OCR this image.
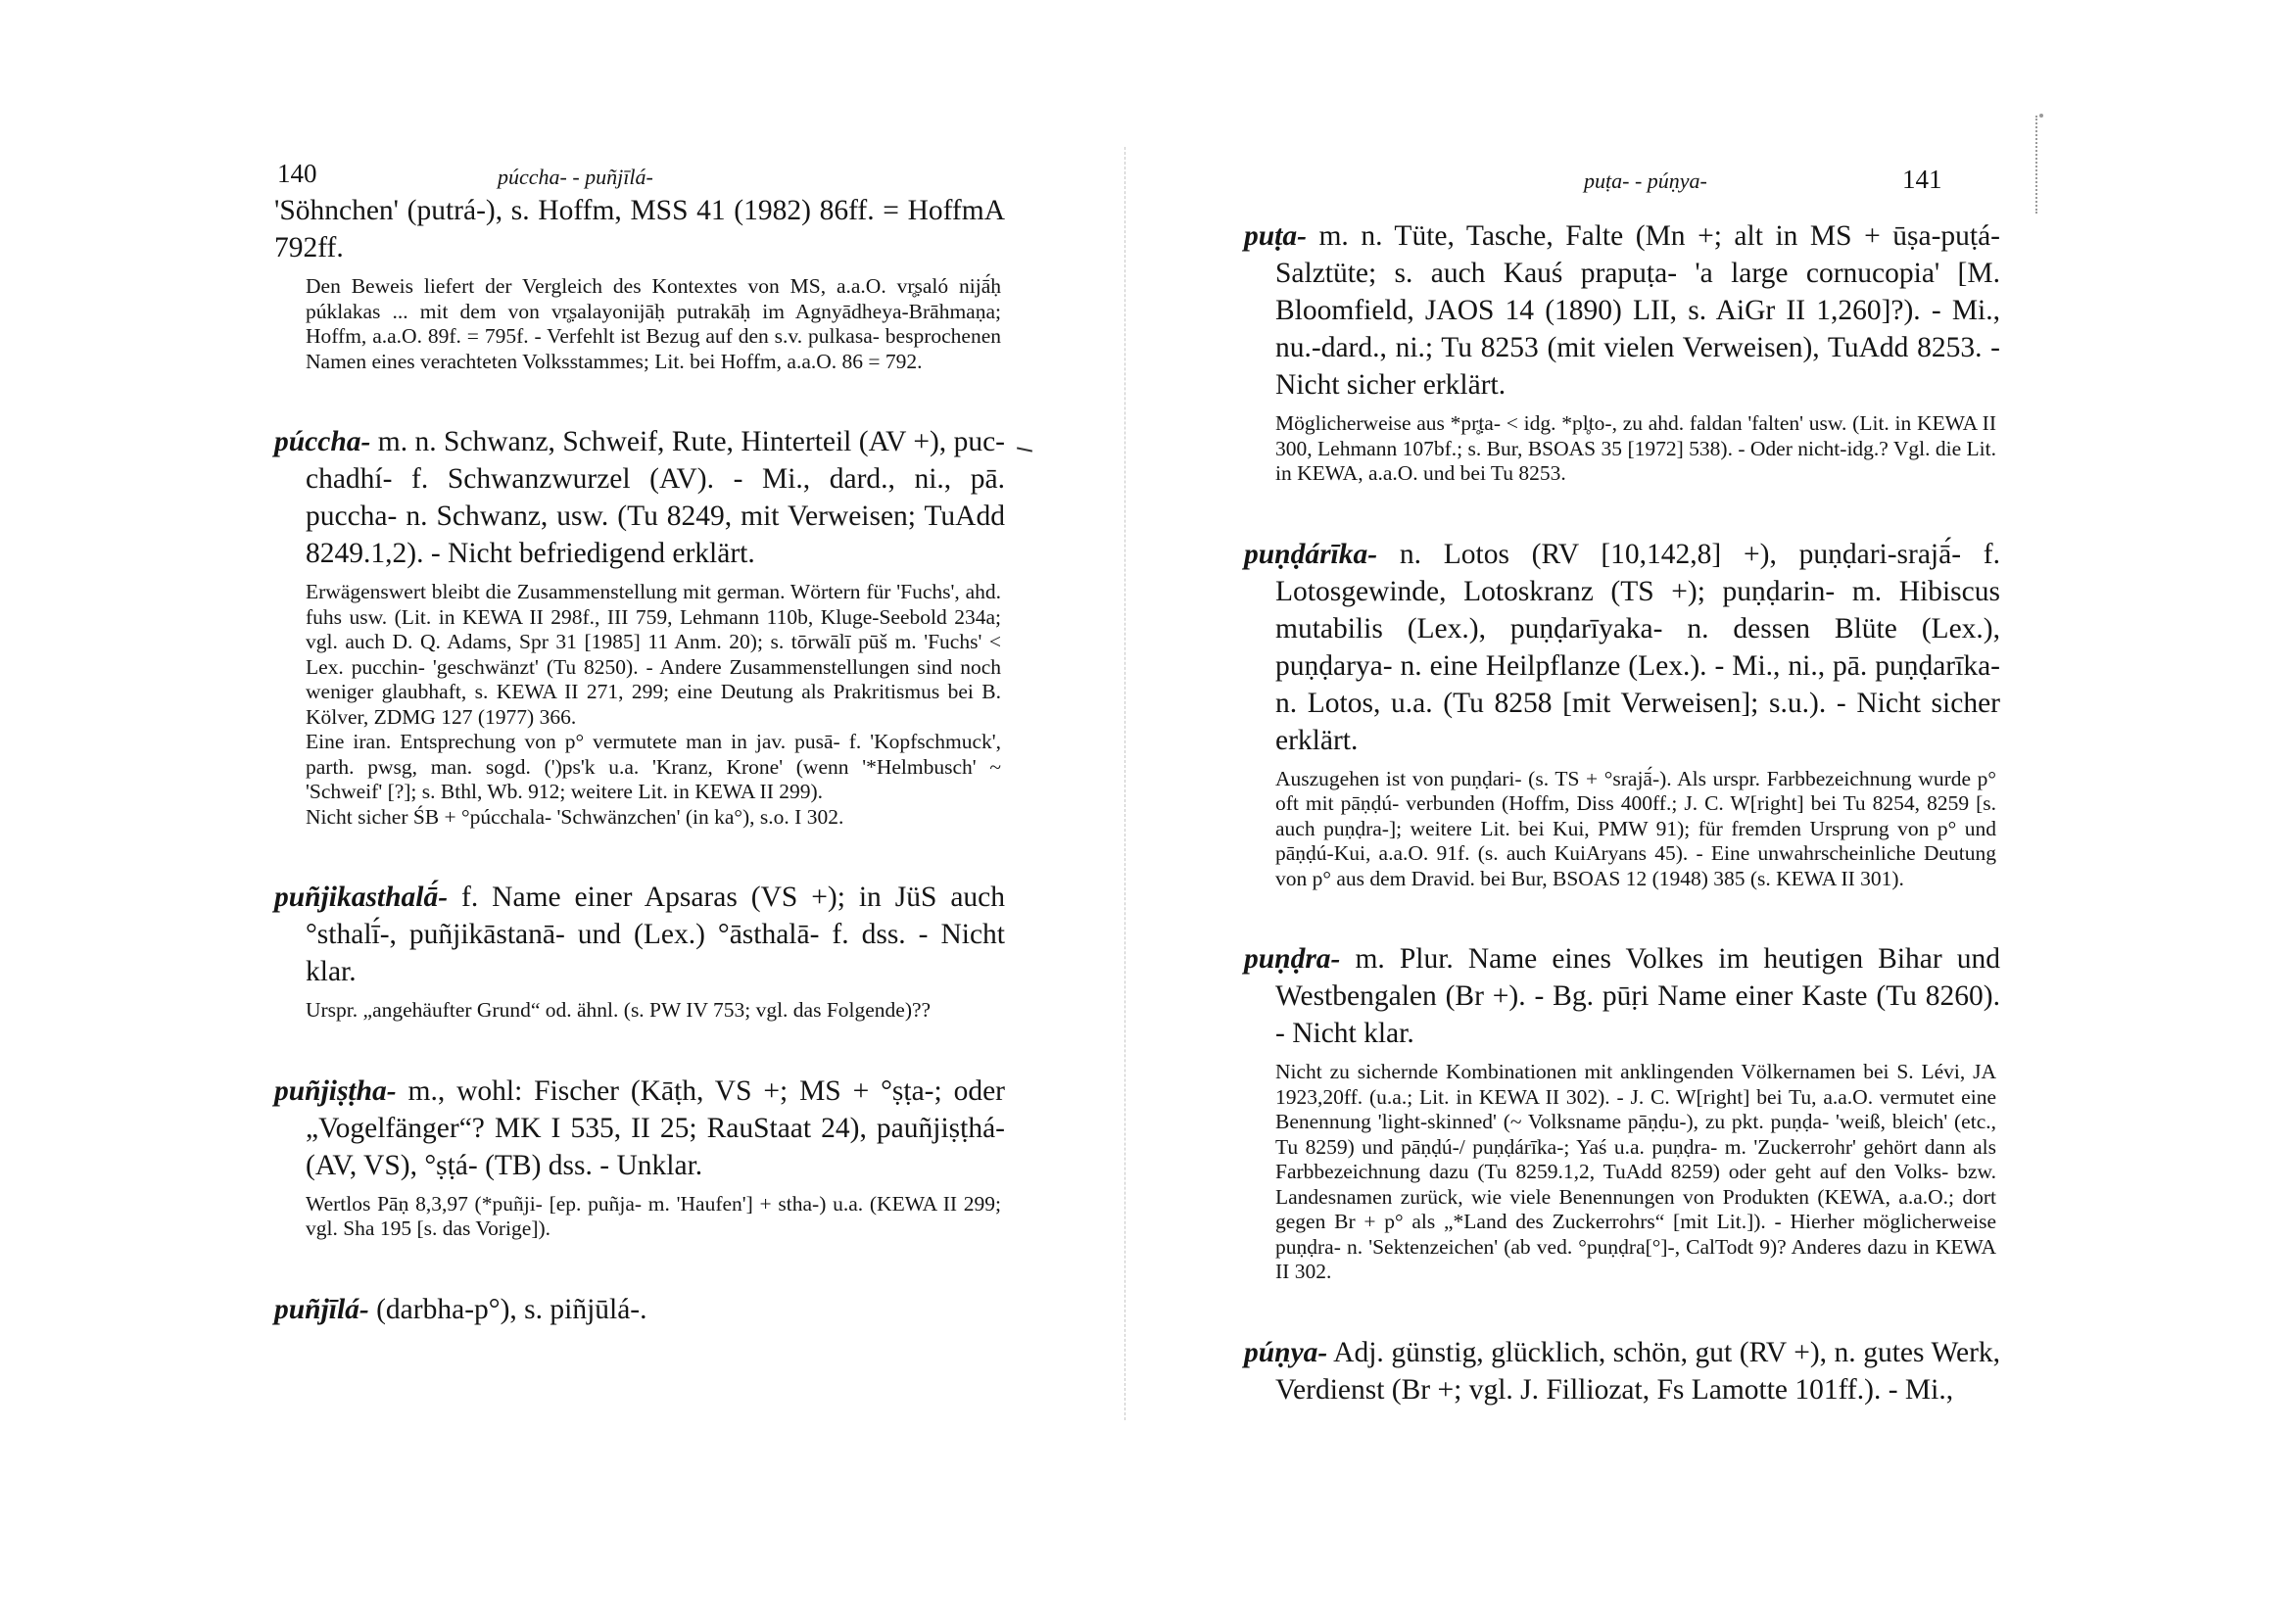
140	púccha- - puñjīlá-

'Söhnchen' (putrá-), s. Hoffm, MSS 41 (1982) 86ff. = HoffmA 792ff.

Den Beweis liefert der Vergleich des Kontextes von MS, a.a.O. vr̥ṣaló nijā́ḥ púklakas ... mit dem von vr̥ṣalayonijāḥ putrakāḥ im Agnyādheya-Brāhmaṇa; Hoffm, a.a.O. 89f. = 795f. - Verfehlt ist Bezug auf den s.v. pulkasa- besprochenen Namen eines verachteten Volksstammes; Lit. bei Hoffm, a.a.O. 86 = 792.

púccha- m. n. Schwanz, Schweif, Rute, Hinterteil (AV +), puc-chadhí- f. Schwanzwurzel (AV). - Mi., dard., ni., pā. puccha- n. Schwanz, usw. (Tu 8249, mit Verweisen; TuAdd 8249.1,2). - Nicht befriedigend erklärt.

Erwägenswert bleibt die Zusammenstellung mit german. Wörtern für 'Fuchs', ahd. fuhs usw. (Lit. in KEWA II 298f., III 759, Lehmann 110b, Kluge-Seebold 234a; vgl. auch D. Q. Adams, Spr 31 [1985] 11 Anm. 20); s. tōrwālī pūš m. 'Fuchs' < Lex. pucchin- 'geschwänzt' (Tu 8250). - Andere Zusammenstellungen sind noch weniger glaubhaft, s. KEWA II 271, 299; eine Deutung als Prakritismus bei B. Kölver, ZDMG 127 (1977) 366.

Eine iran. Entsprechung von p° vermutete man in jav. pusā- f. 'Kopfschmuck', parth. pwsg, man. sogd. (')ps'k u.a. 'Kranz, Krone' (wenn '*Helmbusch' ~ 'Schweif' [?]; s. Bthl, Wb. 912; weitere Lit. in KEWA II 299).

Nicht sicher ŚB + °púcchala- 'Schwänzchen' (in ka°), s.o. I 302.

puñjikasthalā́- f. Name einer Apsaras (VS +); in JüS auch °sthalī́-, puñjikāstanā- und (Lex.) °āsthalā- f. dss. - Nicht klar.

Urspr. „angehäufter Grund“ od. ähnl. (s. PW IV 753; vgl. das Folgende)??

puñjiṣṭha- m., wohl: Fischer (Kāṭh, VS +; MS + °ṣṭa-; oder „Vogelfänger“? MK I 535, II 25; RauStaat 24), pauñjiṣṭhá- (AV, VS), °ṣṭá- (TB) dss. - Unklar.

Wertlos Pāṇ 8,3,97 (*puñji- [ep. puñja- m. 'Haufen'] + stha-) u.a. (KEWA II 299; vgl. Sha 195 [s. das Vorige]).

puñjīlá- (darbha-p°), s. piñjūlá-.

puṭa- - púṇya-	141

puṭa- m. n. Tüte, Tasche, Falte (Mn +; alt in MS + ūṣa-puṭá- Salztüte; s. auch Kauś prapuṭa- 'a large cornucopia' [M. Bloomfield, JAOS 14 (1890) LII, s. AiGr II 1,260]?). - Mi., nu.-dard., ni.; Tu 8253 (mit vielen Verweisen), TuAdd 8253. - Nicht sicher erklärt.

Möglicherweise aus *pr̥ṭa- < idg. *pl̥to-, zu ahd. faldan 'falten' usw. (Lit. in KEWA II 300, Lehmann 107bf.; s. Bur, BSOAS 35 [1972] 538). - Oder nicht-idg.? Vgl. die Lit. in KEWA, a.a.O. und bei Tu 8253.

puṇḍárīka- n. Lotos (RV [10,142,8] +), puṇḍari-srajā́- f. Lotosgewinde, Lotoskranz (TS +); puṇḍarin- m. Hibiscus mutabilis (Lex.), puṇḍarīyaka- n. dessen Blüte (Lex.), puṇḍarya- n. eine Heilpflanze (Lex.). - Mi., ni., pā. puṇḍarīka- n. Lotos, u.a. (Tu 8258 [mit Verweisen]; s.u.). - Nicht sicher erklärt.

Auszugehen ist von puṇḍari- (s. TS + °srajā́-). Als urspr. Farbbezeichnung wurde p° oft mit pāṇḍú- verbunden (Hoffm, Diss 400ff.; J. C. W[right] bei Tu 8254, 8259 [s. auch puṇḍra-]; weitere Lit. bei Kui, PMW 91); für fremden Ursprung von p° und pāṇḍú-Kui, a.a.O. 91f. (s. auch KuiAryans 45). - Eine unwahrscheinliche Deutung von p° aus dem Dravid. bei Bur, BSOAS 12 (1948) 385 (s. KEWA II 301).

puṇḍra- m. Plur. Name eines Volkes im heutigen Bihar und Westbengalen (Br +). - Bg. pūṛi Name einer Kaste (Tu 8260). - Nicht klar.

Nicht zu sichernde Kombinationen mit anklingenden Völkernamen bei S. Lévi, JA 1923,20ff. (u.a.; Lit. in KEWA II 302). - J. C. W[right] bei Tu, a.a.O. vermutet eine Benennung 'light-skinned' (~ Volksname pāṇḍu-), zu pkt. puṇḍa- 'weiß, bleich' (etc., Tu 8259) und pāṇḍú-/ puṇḍárīka-; Yaś u.a. puṇḍra- m. 'Zuckerrohr' gehört dann als Farbbezeichnung dazu (Tu 8259.1,2, TuAdd 8259) oder geht auf den Volks- bzw. Landesnamen zurück, wie viele Benennungen von Produkten (KEWA, a.a.O.; dort gegen Br + p° als „*Land des Zuckerrohrs“ [mit Lit.]). - Hierher möglicherweise puṇḍra- n. 'Sektenzeichen' (ab ved. °puṇḍra[°]-, CalTodt 9)? Anderes dazu in KEWA II 302.

púṇya- Adj. günstig, glücklich, schön, gut (RV +), n. gutes Werk, Verdienst (Br +; vgl. J. Filliozat, Fs Lamotte 101ff.). - Mi.,
